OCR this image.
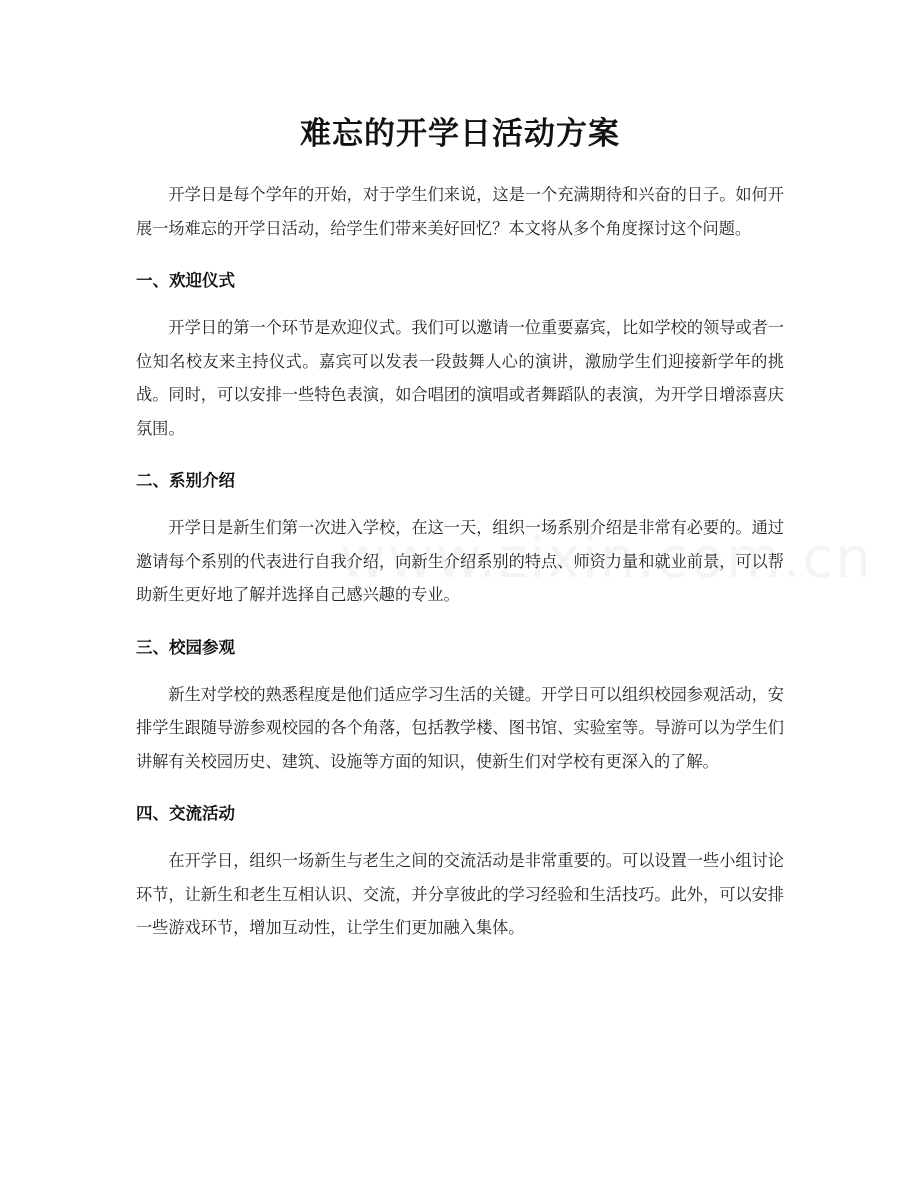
难忘的开学日活动方案

开学日是每个学年的开始，对于学生们来说，这是一个充满期待和兴奋的日子。如何开展一场难忘的开学日活动，给学生们带来美好回忆？本文将从多个角度探讨这个问题。

一、欢迎仪式

开学日的第一个环节是欢迎仪式。我们可以邀请一位重要嘉宾，比如学校的领导或者一位知名校友来主持仪式。嘉宾可以发表一段鼓舞人心的演讲，激励学生们迎接新学年的挑战。同时，可以安排一些特色表演，如合唱团的演唱或者舞蹈队的表演，为开学日增添喜庆氛围。

二、系别介绍

开学日是新生们第一次进入学校，在这一天，组织一场系别介绍是非常有必要的。通过邀请每个系别的代表进行自我介绍，向新生介绍系别的特点、师资力量和就业前景，可以帮助新生更好地了解并选择自己感兴趣的专业。

三、校园参观

新生对学校的熟悉程度是他们适应学习生活的关键。开学日可以组织校园参观活动，安排学生跟随导游参观校园的各个角落，包括教学楼、图书馆、实验室等。导游可以为学生们讲解有关校园历史、建筑、设施等方面的知识，使新生们对学校有更深入的了解。

四、交流活动

在开学日，组织一场新生与老生之间的交流活动是非常重要的。可以设置一些小组讨论环节，让新生和老生互相认识、交流，并分享彼此的学习经验和生活技巧。此外，可以安排一些游戏环节，增加互动性，让学生们更加融入集体。
